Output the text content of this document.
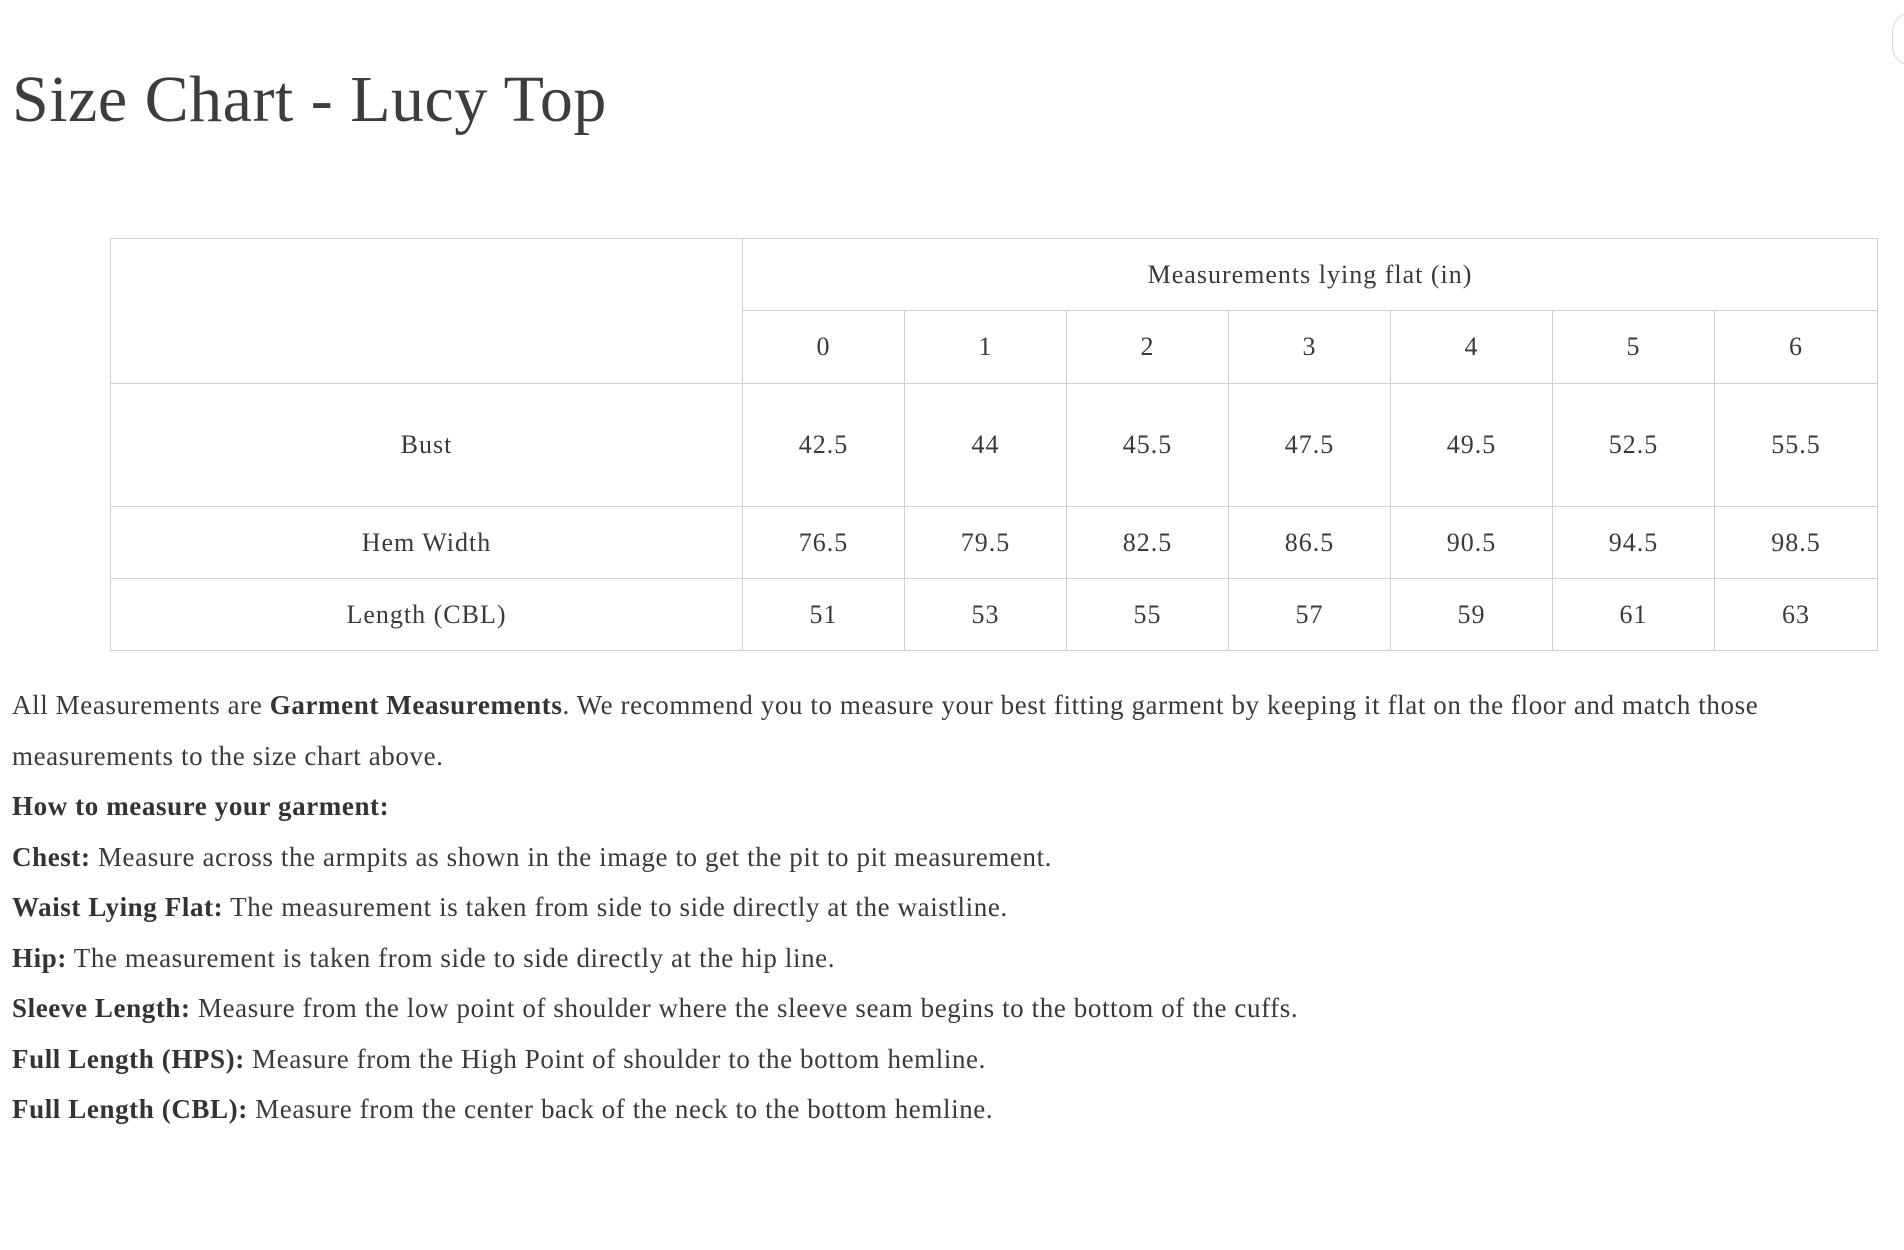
Size Chart - Lucy Top
	Measurements lying flat (in)						
	0	1	2	3	4	5	6
Bust	42.5	44	45.5	47.5	49.5	52.5	55.5
Hem Width	76.5	79.5	82.5	86.5	90.5	94.5	98.5
Length (CBL)	51	53	55	57	59	61	63

All Measurements are Garment Measurements. We recommend you to measure your best fitting garment by keeping it flat on the floor and match those measurements to the size chart above.

How to measure your garment:

Chest: Measure across the armpits as shown in the image to get the pit to pit measurement.

Waist Lying Flat: The measurement is taken from side to side directly at the waistline.

Hip: The measurement is taken from side to side directly at the hip line.

Sleeve Length: Measure from the low point of shoulder where the sleeve seam begins to the bottom of the cuffs.

Full Length (HPS): Measure from the High Point of shoulder to the bottom hemline.

Full Length (CBL): Measure from the center back of the neck to the bottom hemline.
